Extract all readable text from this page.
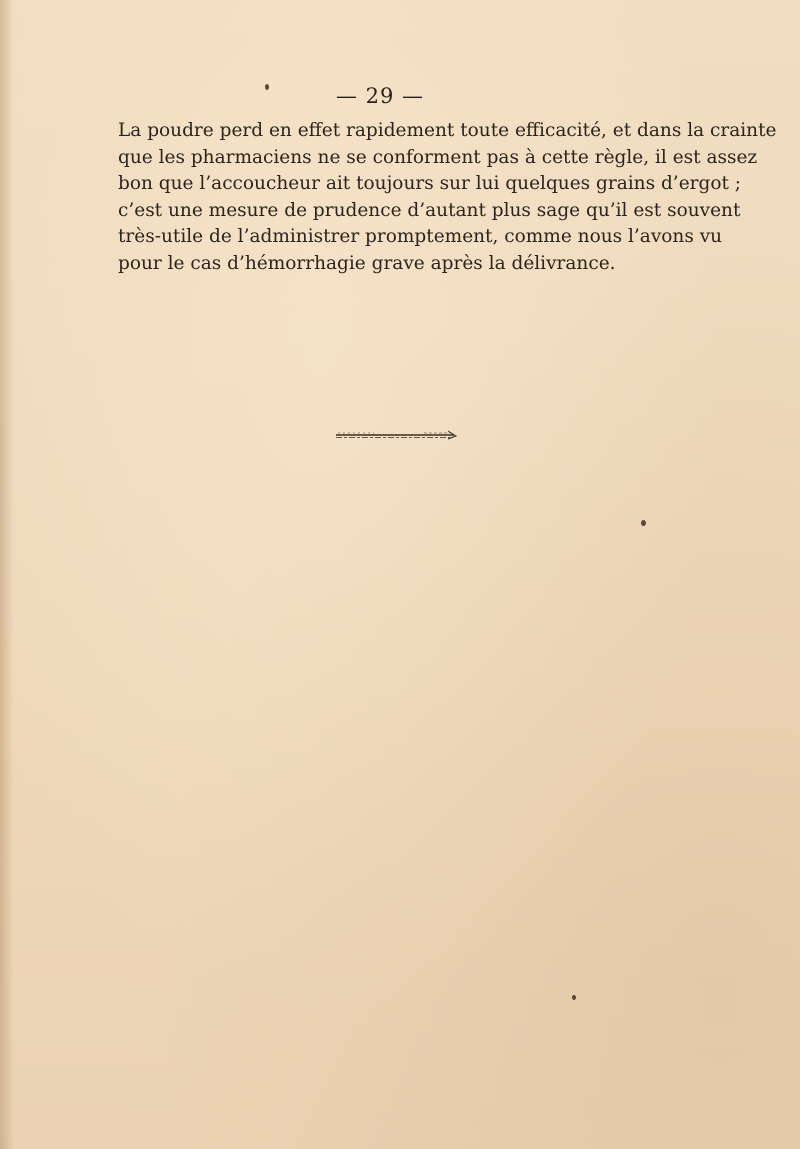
— 29 —

La poudre perd en effet rapidement toute efficacité, et dans la crainte
que les pharmaciens ne se conforment pas à cette règle, il est assez
bon que l’accoucheur ait toujours sur lui quelques grains d’ergot ;
c’est une mesure de prudence d’autant plus sage qu’il est souvent
très-utile de l’administrer promptement, comme nous l’avons vu
pour le cas d’hémorrhagie grave après la délivrance.
